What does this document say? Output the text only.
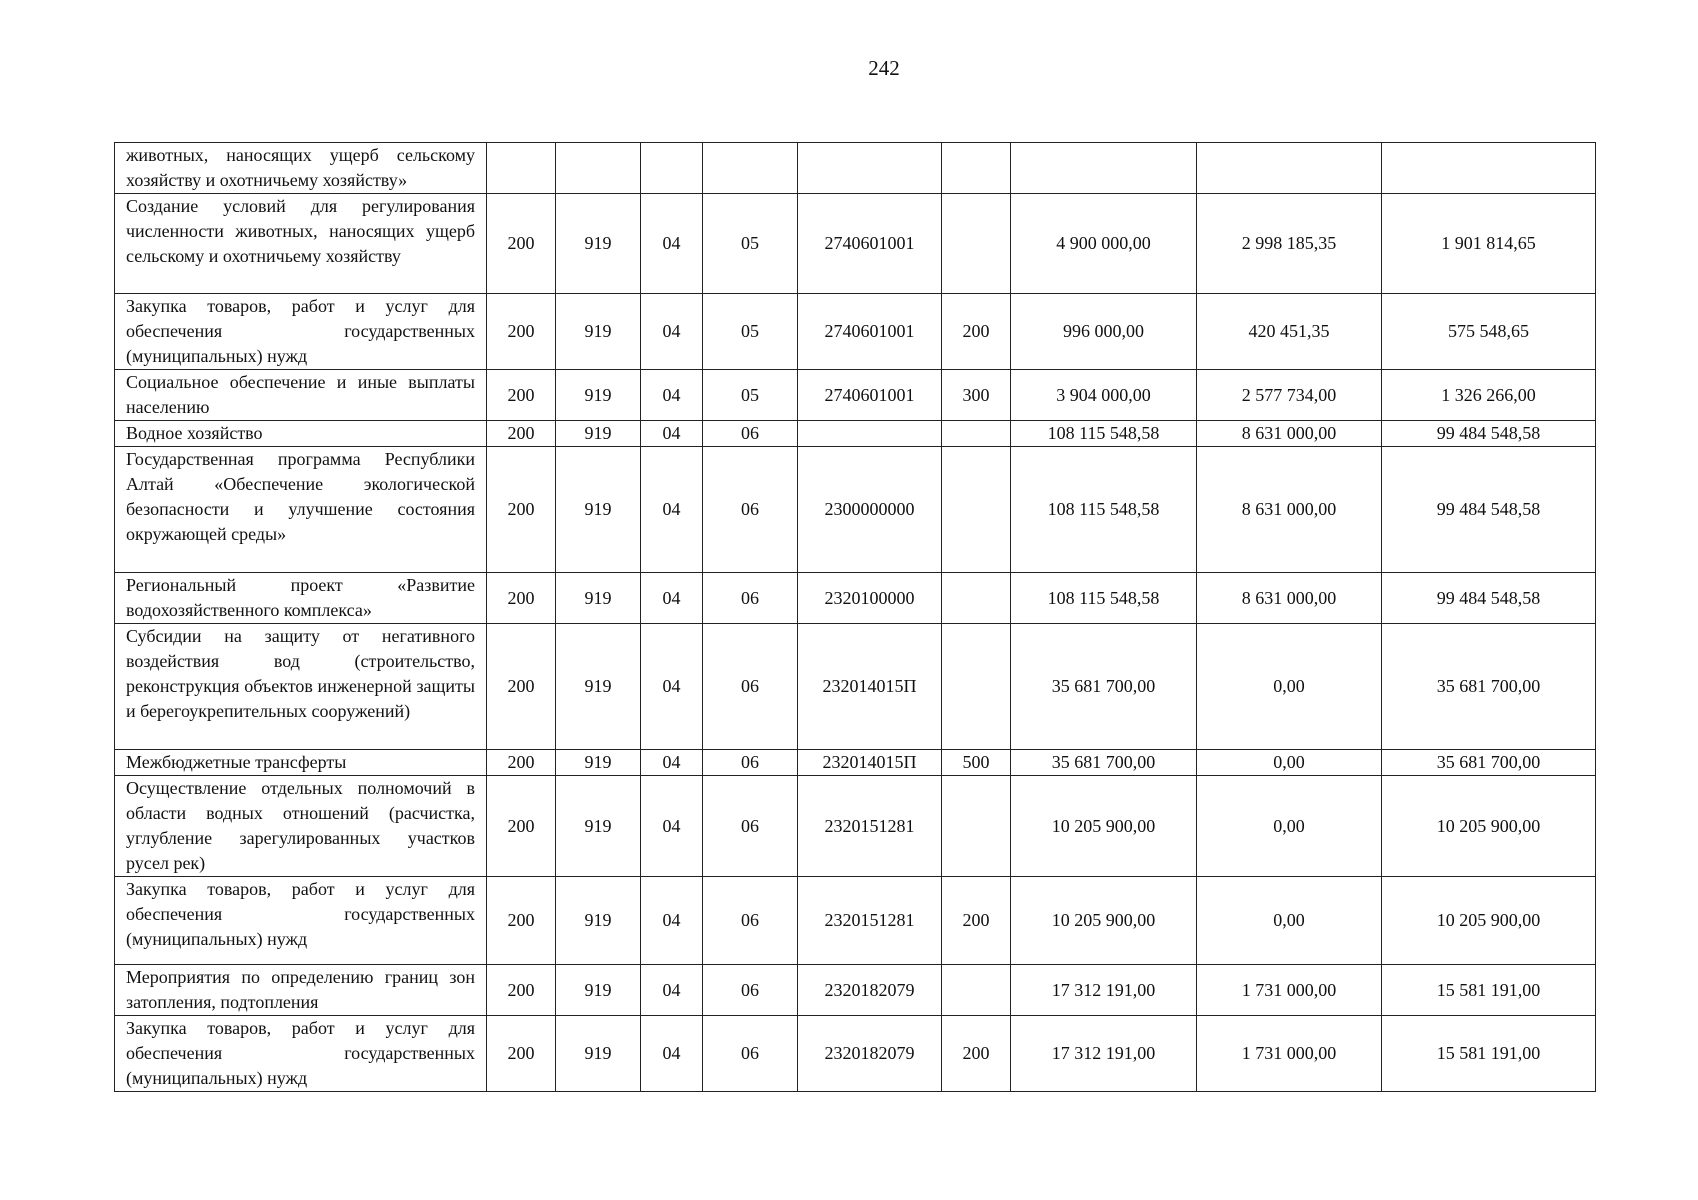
242
животных, наносящих ущерб сельскому хозяйству и охотничьему хозяйству»									
Создание условий для регулирования численности животных, наносящих ущерб сельскому и охотничьему хозяйству	200	919	04	05	2740601001		4 900 000,00	2 998 185,35	1 901 814,65
Закупка товаров, работ и услуг для обеспечения государственных (муниципальных) нужд	200	919	04	05	2740601001	200	996 000,00	420 451,35	575 548,65
Социальное обеспечение и иные выплаты населению	200	919	04	05	2740601001	300	3 904 000,00	2 577 734,00	1 326 266,00
Водное хозяйство	200	919	04	06			108 115 548,58	8 631 000,00	99 484 548,58
Государственная программа Республики Алтай «Обеспечение экологической безопасности и улучшение состояния окружающей среды»	200	919	04	06	2300000000		108 115 548,58	8 631 000,00	99 484 548,58
Региональный проект «Развитие водохозяйственного комплекса»	200	919	04	06	2320100000		108 115 548,58	8 631 000,00	99 484 548,58
Субсидии на защиту от негативного воздействия вод (строительство, реконструкция объектов инженерной защиты и берегоукрепительных сооружений)	200	919	04	06	232014015П		35 681 700,00	0,00	35 681 700,00
Межбюджетные трансферты	200	919	04	06	232014015П	500	35 681 700,00	0,00	35 681 700,00
Осуществление отдельных полномочий в области водных отношений (расчистка, углубление зарегулированных участков русел рек)	200	919	04	06	2320151281		10 205 900,00	0,00	10 205 900,00
Закупка товаров, работ и услуг для обеспечения государственных (муниципальных) нужд	200	919	04	06	2320151281	200	10 205 900,00	0,00	10 205 900,00
Мероприятия по определению границ зон затопления, подтопления	200	919	04	06	2320182079		17 312 191,00	1 731 000,00	15 581 191,00
Закупка товаров, работ и услуг для обеспечения государственных (муниципальных) нужд	200	919	04	06	2320182079	200	17 312 191,00	1 731 000,00	15 581 191,00
